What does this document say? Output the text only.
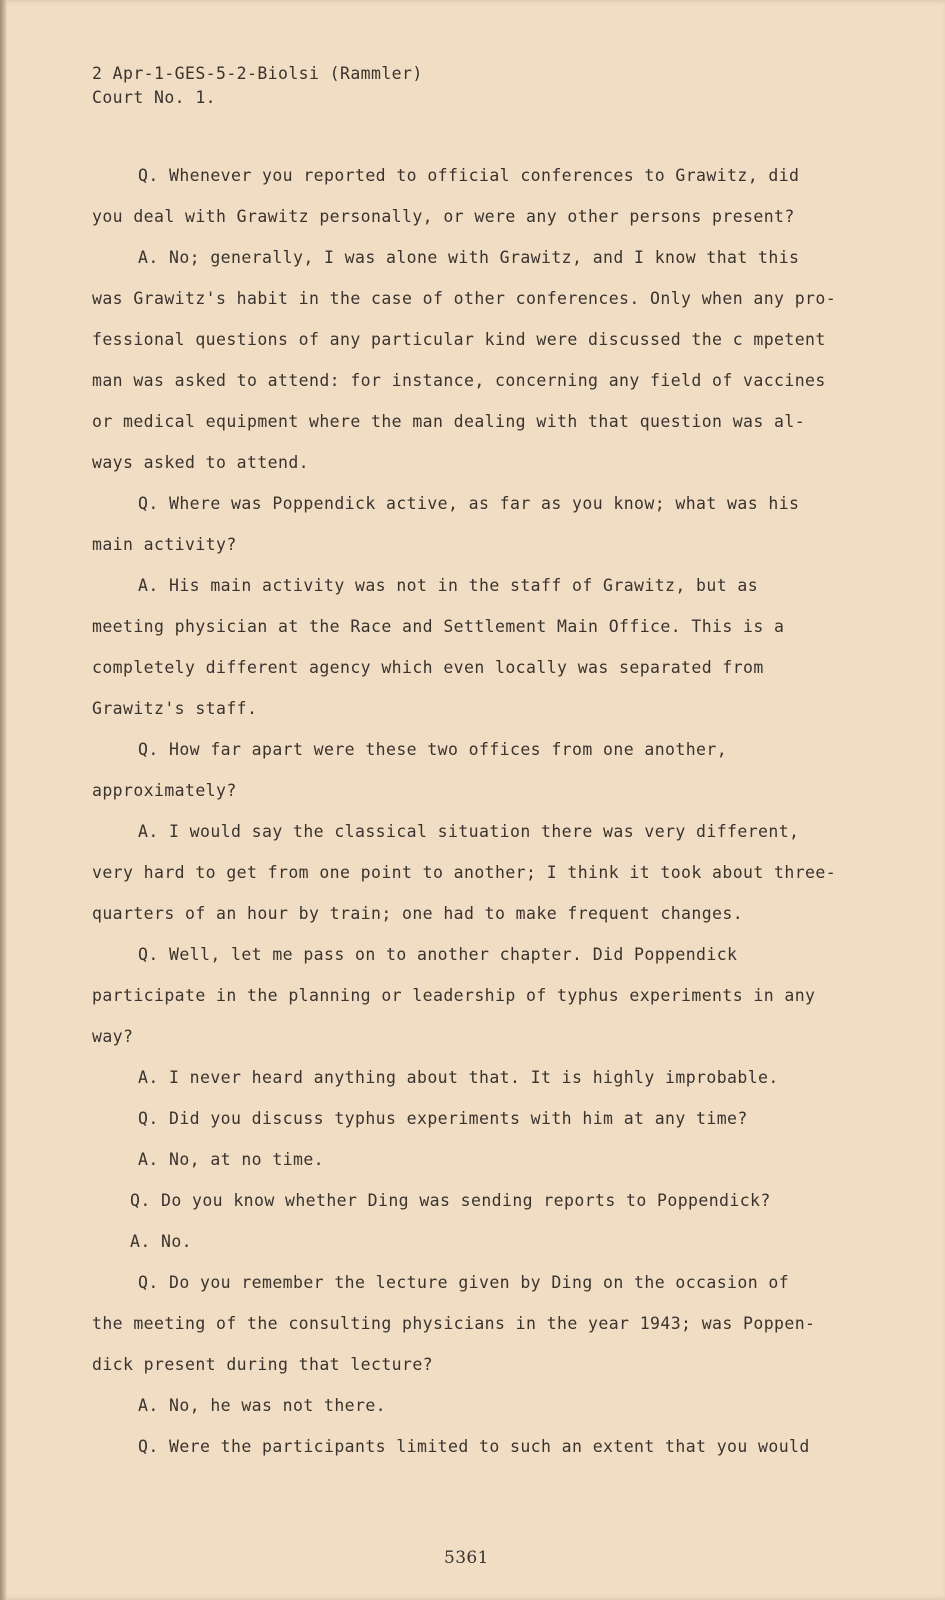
2 Apr-1-GES-5-2-Biolsi (Rammler)
Court No. 1.
Q. Whenever you reported to official conferences to Grawitz, did
you deal with Grawitz personally, or were any other persons present?
A. No; generally, I was alone with Grawitz, and I know that this
was Grawitz's habit in the case of other conferences. Only when any pro-
fessional questions of any particular kind were discussed the c mpetent
man was asked to attend: for instance, concerning any field of vaccines
or medical equipment where the man dealing with that question was al-
ways asked to attend.
Q. Where was Poppendick active, as far as you know; what was his
main activity?
A. His main activity was not in the staff of Grawitz, but as
meeting physician at the Race and Settlement Main Office. This is a
completely different agency which even locally was separated from
Grawitz's staff.
Q. How far apart were these two offices from one another,
approximately?
A. I would say the classical situation there was very different,
very hard to get from one point to another; I think it took about three-
quarters of an hour by train; one had to make frequent changes.
Q. Well, let me pass on to another chapter. Did Poppendick
participate in the planning or leadership of typhus experiments in any
way?
A. I never heard anything about that. It is highly improbable.
Q. Did you discuss typhus experiments with him at any time?
A. No, at no time.
Q. Do you know whether Ding was sending reports to Poppendick?
A. No.
Q. Do you remember the lecture given by Ding on the occasion of
the meeting of the consulting physicians in the year 1943; was Poppen-
dick present during that lecture?
A. No, he was not there.
Q. Were the participants limited to such an extent that you would
5361
